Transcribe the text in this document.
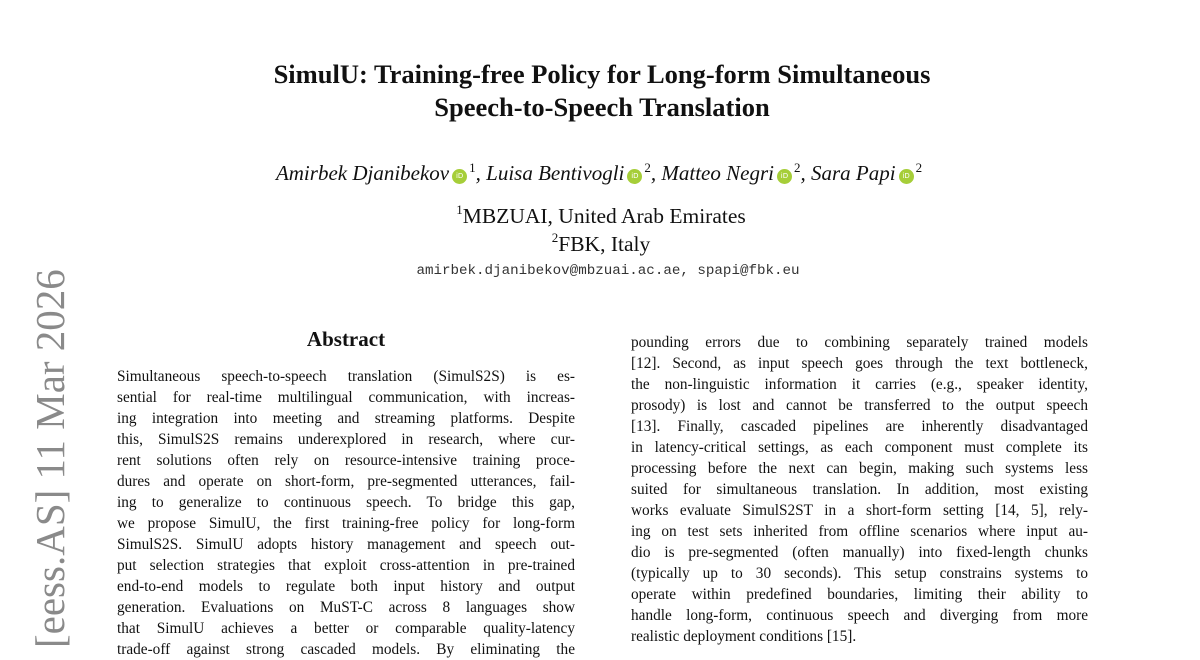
SimulU: Training-free Policy for Long-form Simultaneous
Speech-to-Speech Translation
Amirbek Djanibekov iD$^1$, Luisa Bentivogli iD$^2$, Matteo Negri iD$^2$, Sara Papi iD$^2$
$^1$MBZUAI, United Arab Emirates
$^2$FBK, Italy
amirbek.djanibekov@mbzuai.ac.ae, spapi@fbk.eu
Abstract
Simultaneous speech-to-speech translation (SimulS2S) is es-
sential for real-time multilingual communication, with increas-
ing integration into meeting and streaming platforms. Despite
this, SimulS2S remains underexplored in research, where cur-
rent solutions often rely on resource-intensive training proce-
dures and operate on short-form, pre-segmented utterances, fail-
ing to generalize to continuous speech. To bridge this gap,
we propose SimulU, the first training-free policy for long-form
SimulS2S. SimulU adopts history management and speech out-
put selection strategies that exploit cross-attention in pre-trained
end-to-end models to regulate both input history and output
generation. Evaluations on MuST-C across 8 languages show
that SimulU achieves a better or comparable quality-latency
trade-off against strong cascaded models. By eliminating the
pounding errors due to combining separately trained models
[12]. Second, as input speech goes through the text bottleneck,
the non-linguistic information it carries (e.g., speaker identity,
prosody) is lost and cannot be transferred to the output speech
[13]. Finally, cascaded pipelines are inherently disadvantaged
in latency-critical settings, as each component must complete its
processing before the next can begin, making such systems less
suited for simultaneous translation. In addition, most existing
works evaluate SimulS2ST in a short-form setting [14, 5], rely-
ing on test sets inherited from offline scenarios where input au-
dio is pre-segmented (often manually) into fixed-length chunks
(typically up to 30 seconds). This setup constrains systems to
operate within predefined boundaries, limiting their ability to
handle long-form, continuous speech and diverging from more
realistic deployment conditions [15].
[eess.AS] 11 Mar 2026
